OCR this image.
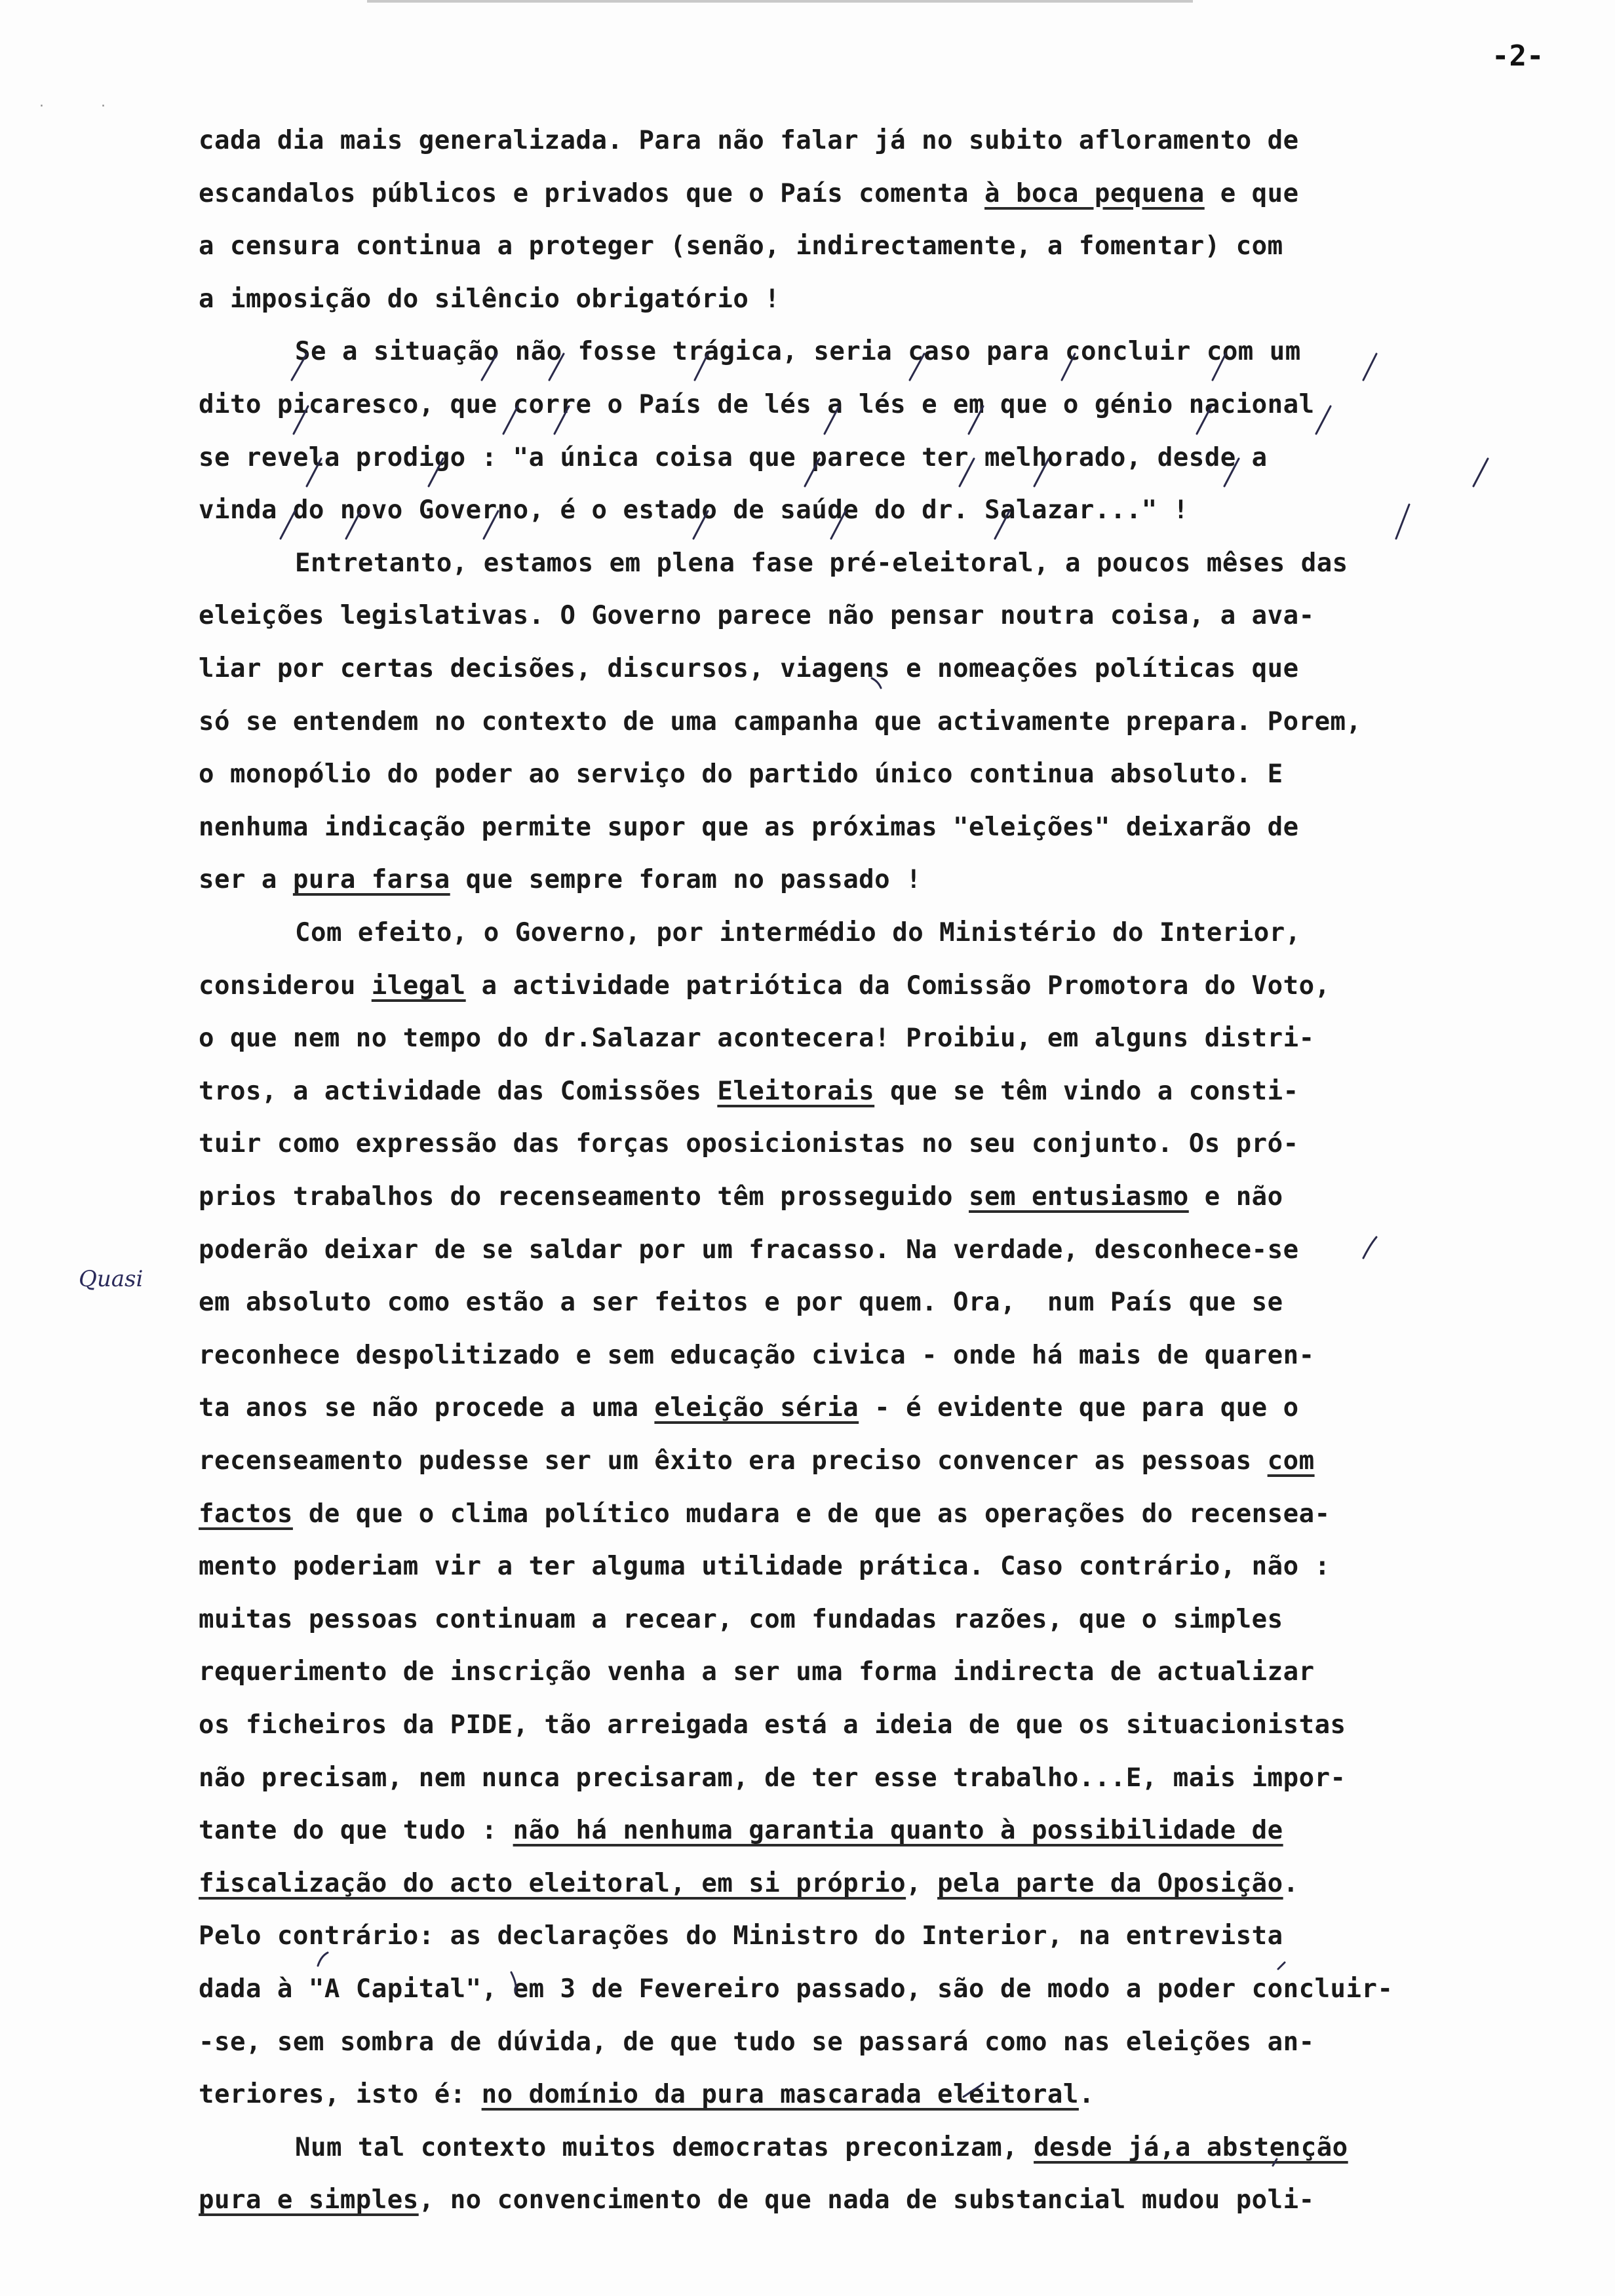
· ·
-2-
cada dia mais generalizada. Para não falar já no subito afloramento de
escandalos públicos e privados que o País comenta à boca pequena e que
a censura continua a proteger (senão, indirectamente, a fomentar) com
a imposição do silêncio obrigatório !
Se a situação não fosse trágica, seria caso para concluir com um
dito picaresco, que corre o País de lés a lés e em que o génio nacional
se revela prodigo : "a única coisa que parece ter melhorado, desde a
vinda do novo Governo, é o estado de saúde do dr. Salazar..." !
Entretanto, estamos em plena fase pré-eleitoral, a poucos mêses das
eleições legislativas. O Governo parece não pensar noutra coisa, a ava-
liar por certas decisões, discursos, viagens e nomeações políticas que
só se entendem no contexto de uma campanha que activamente prepara. Porem,
o monopólio do poder ao serviço do partido único continua absoluto. E
nenhuma indicação permite supor que as próximas "eleições" deixarão de
ser a pura farsa que sempre foram no passado !
Com efeito, o Governo, por intermédio do Ministério do Interior,
considerou ilegal a actividade patriótica da Comissão Promotora do Voto,
o que nem no tempo do dr.Salazar acontecera! Proibiu, em alguns distri-
tros, a actividade das Comissões Eleitorais que se têm vindo a consti-
tuir como expressão das forças oposicionistas no seu conjunto. Os pró-
prios trabalhos do recenseamento têm prosseguido sem entusiasmo e não
poderão deixar de se saldar por um fracasso. Na verdade, desconhece-se
em absoluto como estão a ser feitos e por quem. Ora,  num País que se
reconhece despolitizado e sem educação civica - onde há mais de quaren-
ta anos se não procede a uma eleição séria - é evidente que para que o
recenseamento pudesse ser um êxito era preciso convencer as pessoas com
factos de que o clima político mudara e de que as operações do recensea-
mento poderiam vir a ter alguma utilidade prática. Caso contrário, não :
muitas pessoas continuam a recear, com fundadas razões, que o simples
requerimento de inscrição venha a ser uma forma indirecta de actualizar
os ficheiros da PIDE, tão arreigada está a ideia de que os situacionistas
não precisam, nem nunca precisaram, de ter esse trabalho...E, mais impor-
tante do que tudo : não há nenhuma garantia quanto à possibilidade de
fiscalização do acto eleitoral, em si próprio, pela parte da Oposição.
Pelo contrário: as declarações do Ministro do Interior, na entrevista
dada à "A Capital", em 3 de Fevereiro passado, são de modo a poder concluir-
-se, sem sombra de dúvida, de que tudo se passará como nas eleições an-
teriores, isto é: no domínio da pura mascarada eleitoral.
Num tal contexto muitos democratas preconizam, desde já,a abstenção
pura e simples, no convencimento de que nada de substancial mudou poli-
Quasi
